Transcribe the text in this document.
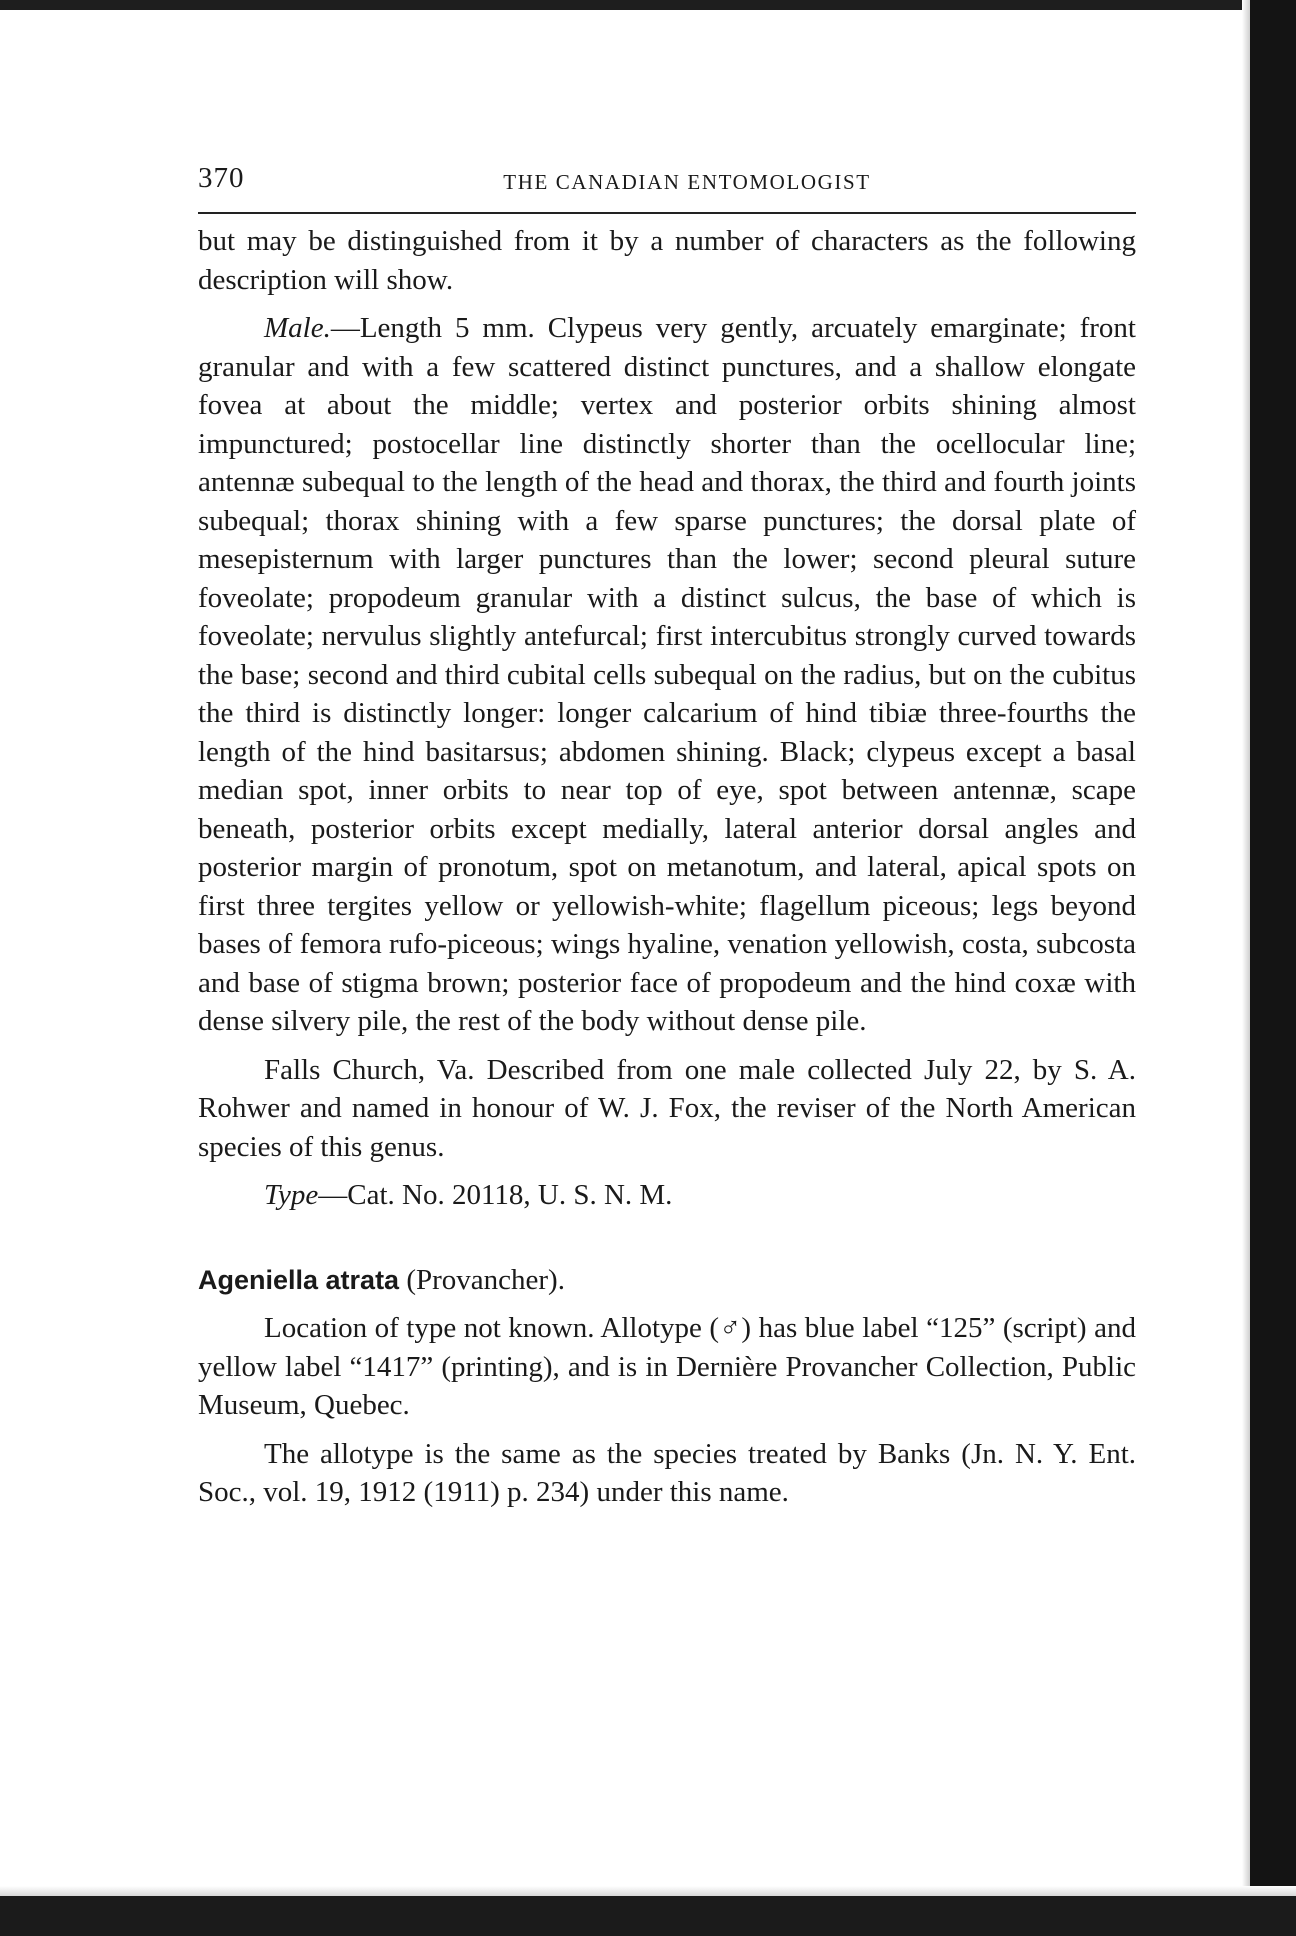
370	THE CANADIAN ENTOMOLOGIST

but may be distinguished from it by a number of characters as the following description will show.

Male.—Length 5 mm. Clypeus very gently, arcuately emarginate; front granular and with a few scattered distinct punctures, and a shallow elongate fovea at about the middle; vertex and posterior orbits shining almost impunctured; postocellar line distinctly shorter than the ocellocular line; antennæ subequal to the length of the head and thorax, the third and fourth joints subequal; thorax shining with a few sparse punctures; the dorsal plate of mesepisternum with larger punctures than the lower; second pleural suture foveolate; propodeum granular with a distinct sulcus, the base of which is foveolate; nervulus slightly antefurcal; first intercubitus strongly curved towards the base; second and third cubital cells subequal on the radius, but on the cubitus the third is distinctly longer: longer calcarium of hind tibiæ three-fourths the length of the hind basitarsus; abdomen shining. Black; clypeus except a basal median spot, inner orbits to near top of eye, spot between antennæ, scape beneath, posterior orbits except medially, lateral anterior dorsal angles and posterior margin of pronotum, spot on metanotum, and lateral, apical spots on first three tergites yellow or yellowish-white; flagellum piceous; legs beyond bases of femora rufo-piceous; wings hyaline, venation yellowish, costa, subcosta and base of stigma brown; posterior face of propodeum and the hind coxæ with dense silvery pile, the rest of the body without dense pile.

Falls Church, Va. Described from one male collected July 22, by S. A. Rohwer and named in honour of W. J. Fox, the reviser of the North American species of this genus.

Type—Cat. No. 20118, U. S. N. M.

Ageniella atrata (Provancher).

Location of type not known. Allotype (♂) has blue label “125” (script) and yellow label “1417” (printing), and is in Dernière Provancher Collection, Public Museum, Quebec.

The allotype is the same as the species treated by Banks (Jn. N. Y. Ent. Soc., vol. 19, 1912 (1911) p. 234) under this name.
